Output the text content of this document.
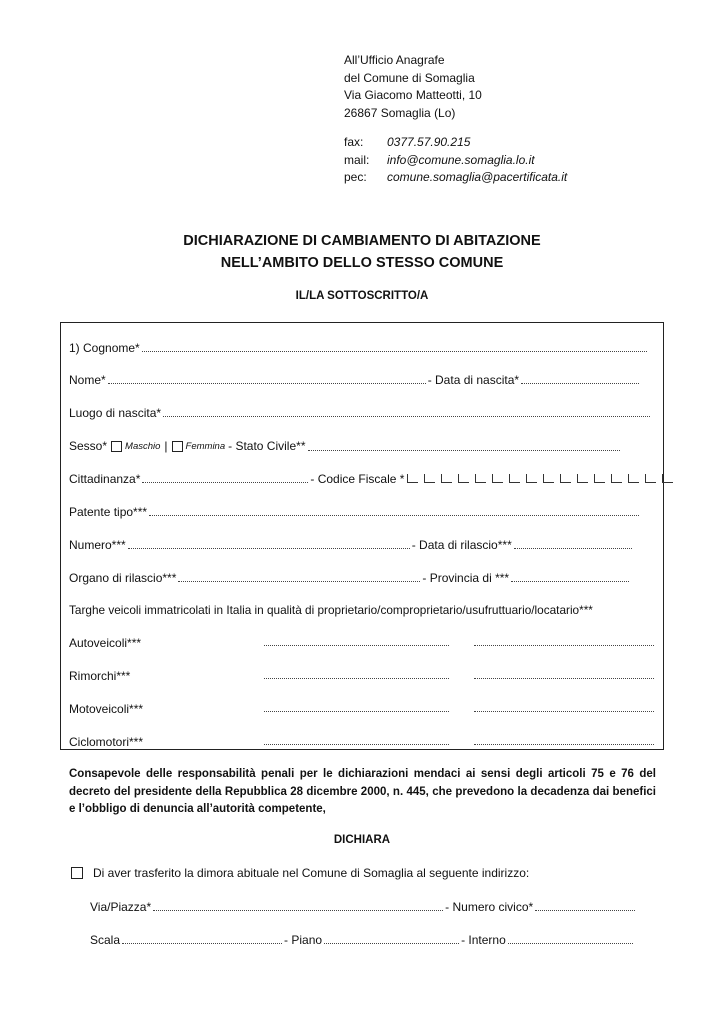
All’Ufficio Anagrafe
del Comune di Somaglia
Via Giacomo Matteotti, 10
26867 Somaglia (Lo)
fax:	0377.57.90.215
mail:	info@comune.somaglia.lo.it
pec:	comune.somaglia@pacertificata.it
DICHIARAZIONE DI CAMBIAMENTO DI ABITAZIONE
NELL’AMBITO DELLO STESSO COMUNE
IL/LA SOTTOSCRITTO/A
1) Cognome*
Nome*	- Data di nascita*
Luogo di nascita*
Sesso* Maschio | Femmina - Stato Civile**
Cittadinanza*	- Codice Fiscale *
Patente tipo***
Numero***	- Data di rilascio***
Organo di rilascio***	- Provincia di ***
Targhe veicoli immatricolati in Italia in qualità di proprietario/comproprietario/usufruttuario/locatario***
Autoveicoli***
Rimorchi***
Motoveicoli***
Ciclomotori***
Consapevole delle responsabilità penali per le dichiarazioni mendaci ai sensi degli articoli 75 e 76 del decreto del presidente della Repubblica 28 dicembre 2000, n. 445, che prevedono la decadenza dai benefici e l’obbligo di denuncia all’autorità competente,
DICHIARA
Di aver trasferito la dimora abituale nel Comune di Somaglia al seguente indirizzo:
Via/Piazza*	- Numero civico*
Scala	- Piano	- Interno
